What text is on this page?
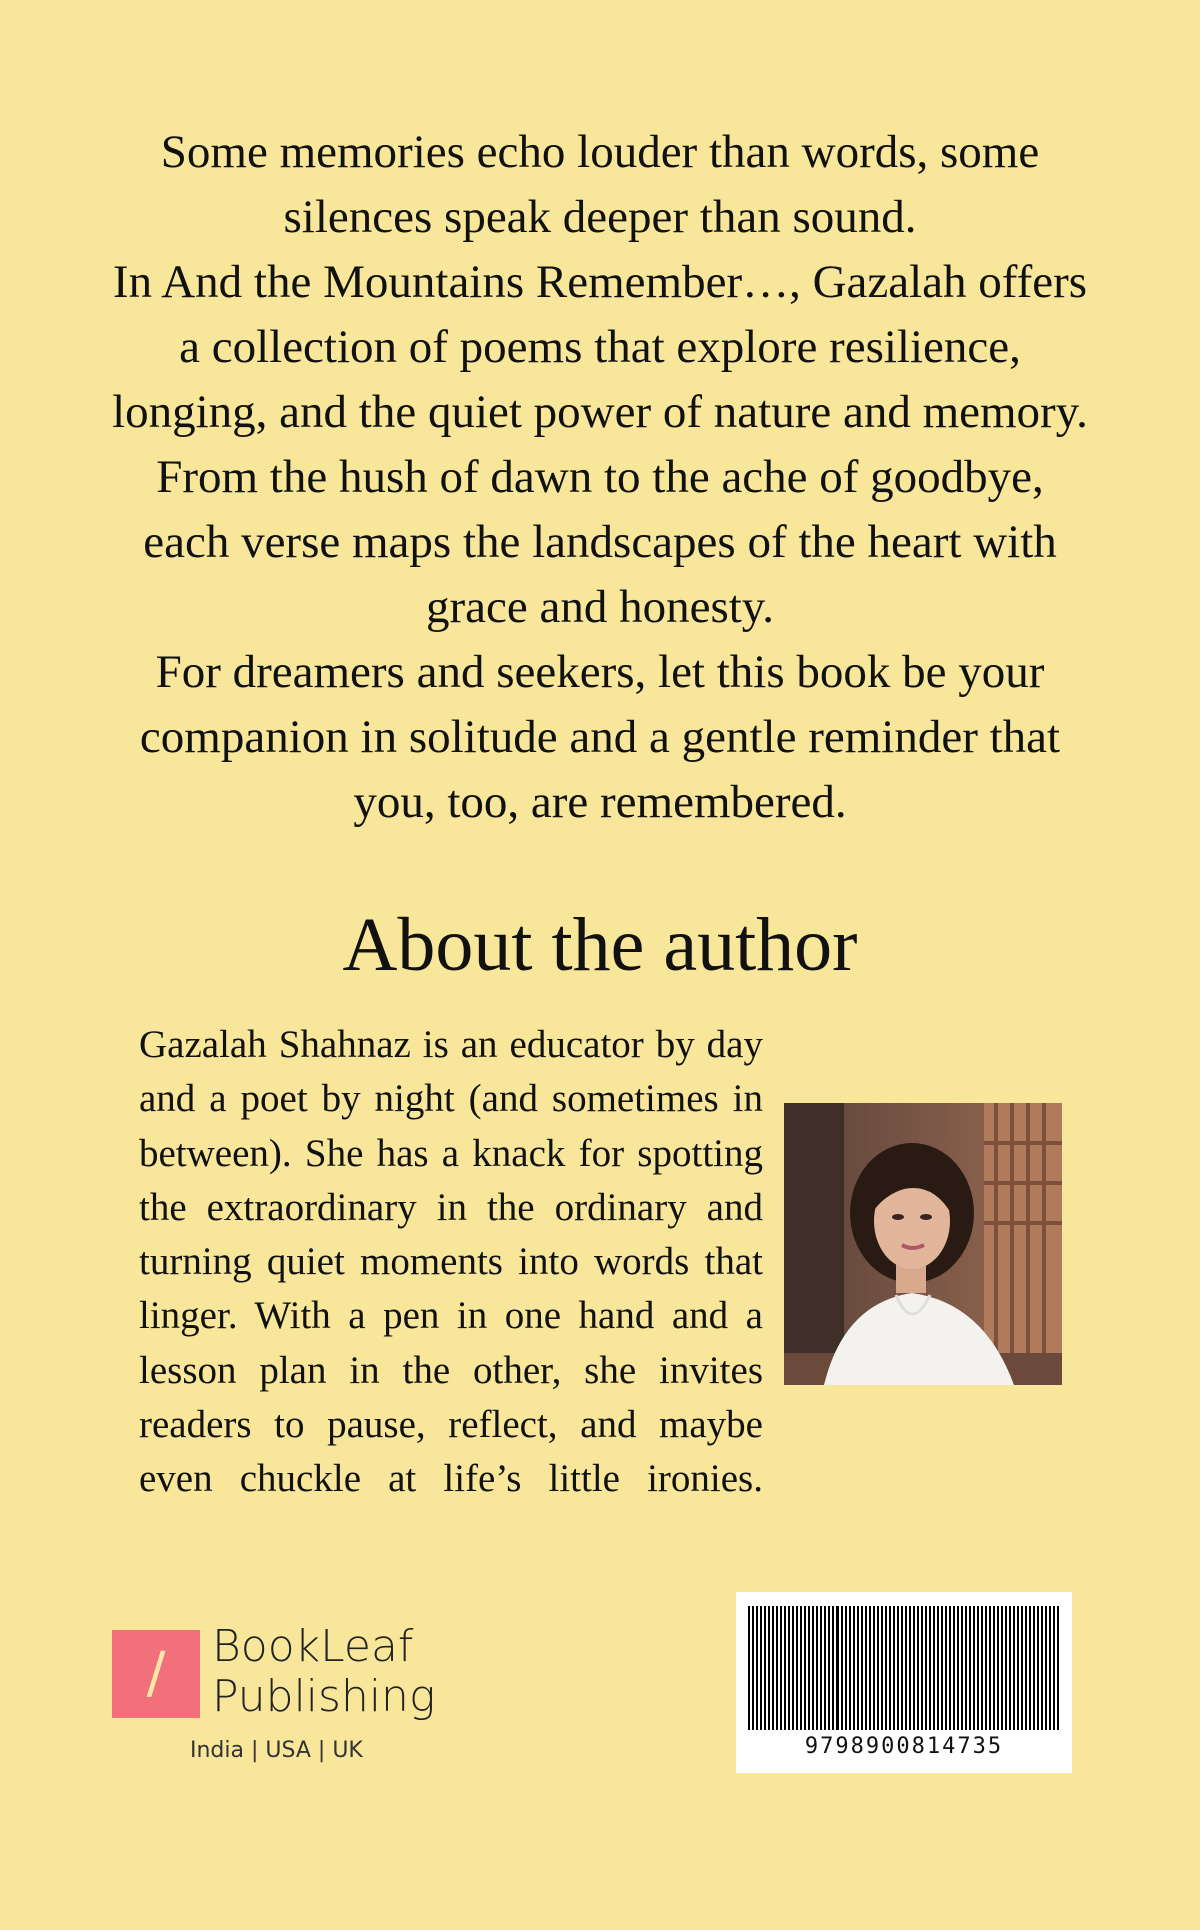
Some memories echo louder than words, some silences speak deeper than sound.

In And the Mountains Remember…, Gazalah offers a collection of poems that explore resilience, longing, and the quiet power of nature and memory. From the hush of dawn to the ache of goodbye, each verse maps the landscapes of the heart with grace and honesty.

For dreamers and seekers, let this book be your companion in solitude and a gentle reminder that you, too, are remembered.

About the author

Gazalah Shahnaz is an educator by day and a poet by night (and sometimes in between). She has a knack for spotting the extraordinary in the ordinary and turning quiet moments into words that linger. With a pen in one hand and a lesson plan in the other, she invites readers to pause, reflect, and maybe even chuckle at life’s little ironies.

/	BookLeaf
Publishing
India | USA | UK	9798900814735
